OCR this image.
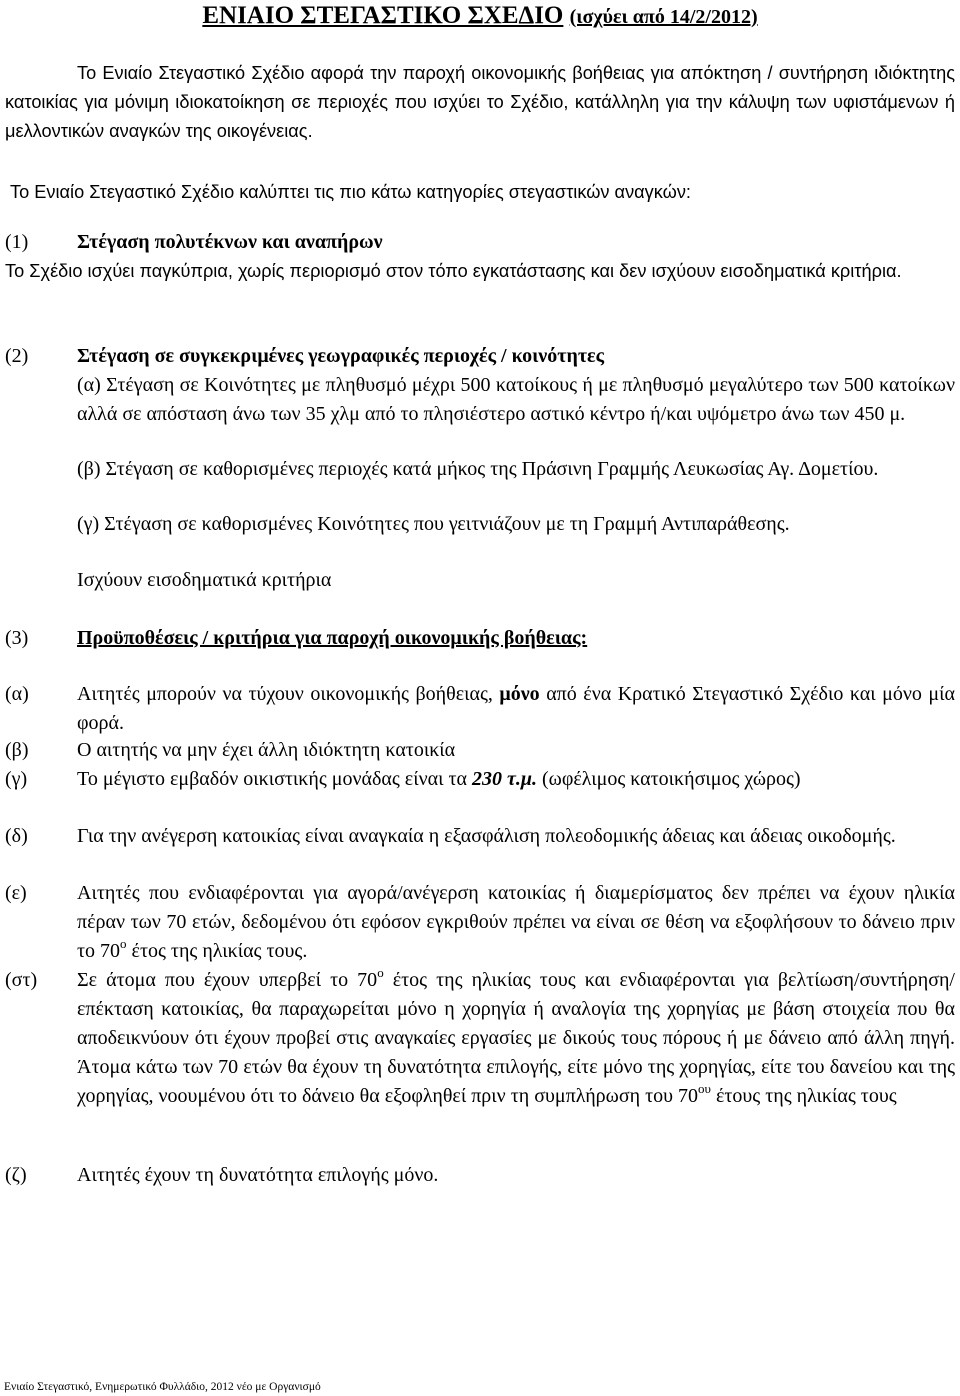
ΕΝΙΑΙΟ ΣΤΕΓΑΣΤΙΚΟ ΣΧΕΔΙΟ (ισχύει από 14/2/2012)
Το Ενιαίο Στεγαστικό Σχέδιο αφορά την παροχή οικονομικής βοήθειας για απόκτηση / συντήρηση ιδιόκτητης κατοικίας για μόνιμη ιδιοκατοίκηση σε περιοχές που ισχύει το Σχέδιο, κατάλληλη για την κάλυψη των υφιστάμενων ή μελλοντικών αναγκών της οικογένειας.
Το Ενιαίο Στεγαστικό Σχέδιο καλύπτει τις πιο κάτω κατηγορίες στεγαστικών αναγκών:
(1) Στέγαση πολυτέκνων και αναπήρων
Το Σχέδιο ισχύει παγκύπρια, χωρίς περιορισμό στον τόπο εγκατάστασης και δεν ισχύουν εισοδηματικά κριτήρια.
(2) Στέγαση σε συγκεκριμένες γεωγραφικές περιοχές / κοινότητες
(α) Στέγαση σε Κοινότητες με πληθυσμό μέχρι 500 κατοίκους ή με πληθυσμό μεγαλύτερο των 500 κατοίκων αλλά σε απόσταση άνω των 35 χλμ από το πλησιέστερο αστικό κέντρο ή/και υψόμετρο άνω των 450 μ.
(β) Στέγαση σε καθορισμένες περιοχές κατά μήκος της Πράσινη Γραμμής Λευκωσίας Αγ. Δομετίου.
(γ) Στέγαση σε καθορισμένες Κοινότητες που γειτνιάζουν με τη Γραμμή Αντιπαράθεσης.
Ισχύουν εισοδηματικά κριτήρια
(3) Προϋποθέσεις / κριτήρια για παροχή οικονομικής βοήθειας:
(α)	Αιτητές μπορούν να τύχουν οικονομικής βοήθειας, μόνο από ένα Κρατικό Στεγαστικό Σχέδιο και μόνο μία φορά.
(β)	Ο αιτητής να μην έχει άλλη ιδιόκτητη κατοικία
(γ)	Το μέγιστο εμβαδόν οικιστικής μονάδας είναι τα 230 τ.μ. (ωφέλιμος κατοικήσιμος χώρος)
(δ)	Για την ανέγερση κατοικίας είναι αναγκαία η εξασφάλιση πολεοδομικής άδειας και άδειας οικοδομής.
(ε)	Αιτητές που ενδιαφέρονται για αγορά/ανέγερση κατοικίας ή διαμερίσματος δεν πρέπει να έχουν ηλικία πέραν των 70 ετών, δεδομένου ότι εφόσον εγκριθούν πρέπει να είναι σε θέση να εξοφλήσουν το δάνειο πριν το $70^o$ έτος της ηλικίας τους.
(στ)	Σε άτομα που έχουν υπερβεί το $70^o$ έτος της ηλικίας τους και ενδιαφέρονται για βελτίωση/συντήρηση/επέκταση κατοικίας, θα παραχωρείται μόνο η χορηγία ή αναλογία της χορηγίας με βάση στοιχεία που θα αποδεικνύουν ότι έχουν προβεί στις αναγκαίες εργασίες με δικούς τους πόρους ή με δάνειο από άλλη πηγή. Άτομα κάτω των 70 ετών θα έχουν τη δυνατότητα επιλογής, είτε μόνο της χορηγίας, είτε του δανείου και της χορηγίας, νοουμένου ότι το δάνειο θα εξοφληθεί πριν τη συμπλήρωση του $70^{o\upsilon}$ έτους της ηλικίας τους
(ζ)	Αιτητές έχουν τη δυνατότητα επιλογής μόνο.
Ενιαίο Στεγαστικό, Ενημερωτικό Φυλλάδιο, 2012 νέο με Οργανισμό
